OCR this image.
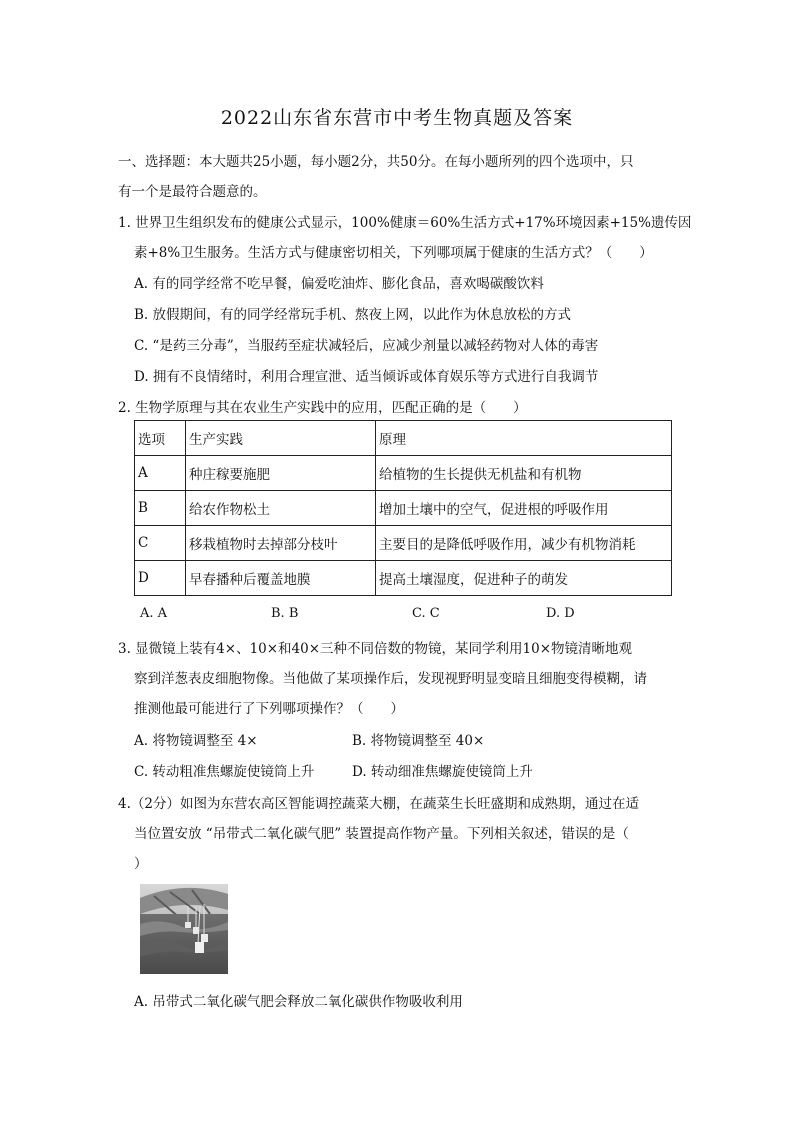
2022山东省东营市中考生物真题及答案
一、选择题：本大题共25小题，每小题2分，共50分。在每小题所列的四个选项中，只
有一个是最符合题意的。
1. 世界卫生组织发布的健康公式显示，100%健康＝60%生活方式+17%环境因素+15%遗传因
素+8%卫生服务。生活方式与健康密切相关，下列哪项属于健康的生活方式？（　　）
A. 有的同学经常不吃早餐，偏爱吃油炸、膨化食品，喜欢喝碳酸饮料
B. 放假期间，有的同学经常玩手机、熬夜上网，以此作为休息放松的方式
C. “是药三分毒”，当服药至症状减轻后，应减少剂量以减轻药物对人体的毒害
D. 拥有不良情绪时，利用合理宣泄、适当倾诉或体育娱乐等方式进行自我调节
2. 生物学原理与其在农业生产实践中的应用，匹配正确的是（　　）
选项	生产实践	原理
A	种庄稼要施肥	给植物的生长提供无机盐和有机物
B	给农作物松土	增加土壤中的空气，促进根的呼吸作用
C	移栽植物时去掉部分枝叶	主要目的是降低呼吸作用，减少有机物消耗
D	早春播种后覆盖地膜	提高土壤湿度，促进种子的萌发
A. A	B. B	C. C	D. D
3. 显微镜上装有4×、10×和40×三种不同倍数的物镜，某同学利用10×物镜清晰地观
察到洋葱表皮细胞物像。当他做了某项操作后，发现视野明显变暗且细胞变得模糊，请
推测他最可能进行了下列哪项操作？（　　）
A. 将物镜调整至 4×	B. 将物镜调整至 40×
C. 转动粗准焦螺旋使镜筒上升	D. 转动细准焦螺旋使镜筒上升
4.（2分）如图为东营农高区智能调控蔬菜大棚，在蔬菜生长旺盛期和成熟期，通过在适
当位置安放 “吊带式二氧化碳气肥” 装置提高作物产量。下列相关叙述，错误的是（
）
A. 吊带式二氧化碳气肥会释放二氧化碳供作物吸收利用
